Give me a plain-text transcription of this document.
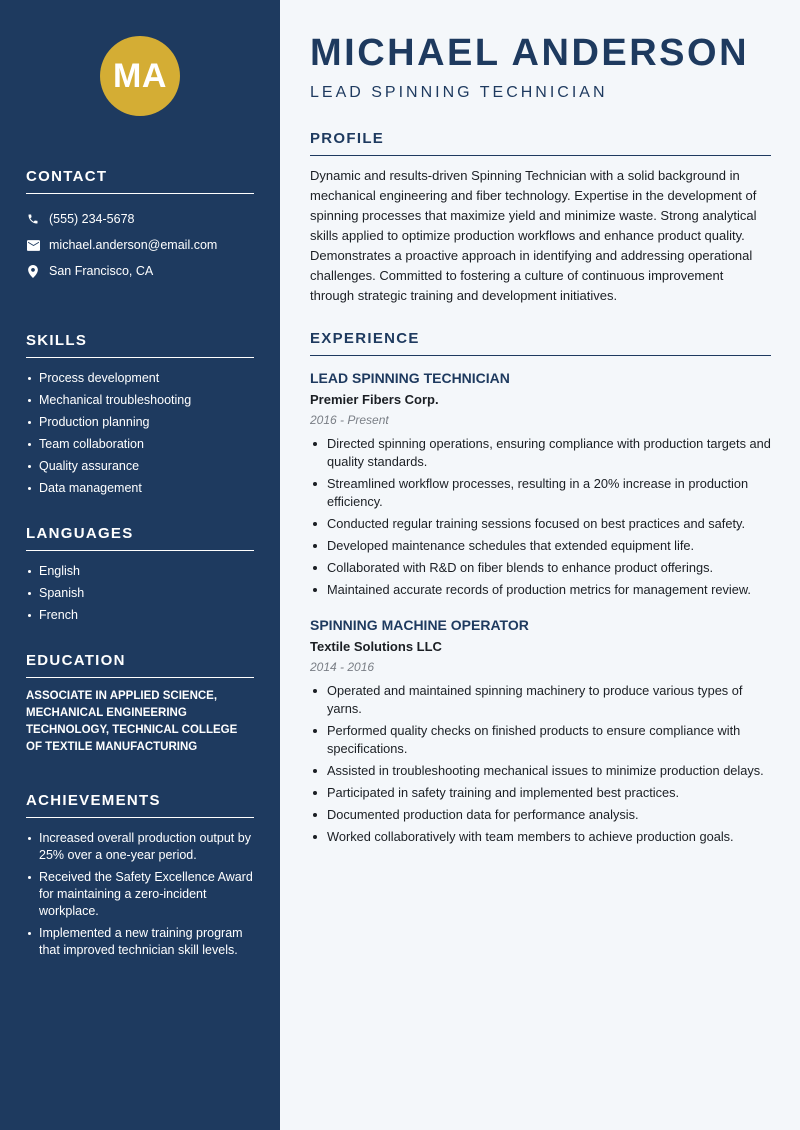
MA
CONTACT
(555) 234-5678
michael.anderson@email.com
San Francisco, CA
SKILLS
Process development
Mechanical troubleshooting
Production planning
Team collaboration
Quality assurance
Data management
LANGUAGES
English
Spanish
French
EDUCATION

ASSOCIATE IN APPLIED SCIENCE, MECHANICAL ENGINEERING TECHNOLOGY, TECHNICAL COLLEGE OF TEXTILE MANUFACTURING

ACHIEVEMENTS
Increased overall production output by 25% over a one-year period.
Received the Safety Excellence Award for maintaining a zero-incident workplace.
Implemented a new training program that improved technician skill levels.
MICHAEL ANDERSON
LEAD SPINNING TECHNICIAN
PROFILE

Dynamic and results-driven Spinning Technician with a solid background in mechanical engineering and fiber technology. Expertise in the development of spinning processes that maximize yield and minimize waste. Strong analytical skills applied to optimize production workflows and enhance product quality. Demonstrates a proactive approach in identifying and addressing operational challenges. Committed to fostering a culture of continuous improvement through strategic training and development initiatives.

EXPERIENCE
LEAD SPINNING TECHNICIAN
Premier Fibers Corp.
2016 - Present
Directed spinning operations, ensuring compliance with production targets and quality standards.
Streamlined workflow processes, resulting in a 20% increase in production efficiency.
Conducted regular training sessions focused on best practices and safety.
Developed maintenance schedules that extended equipment life.
Collaborated with R&D on fiber blends to enhance product offerings.
Maintained accurate records of production metrics for management review.
SPINNING MACHINE OPERATOR
Textile Solutions LLC
2014 - 2016
Operated and maintained spinning machinery to produce various types of yarns.
Performed quality checks on finished products to ensure compliance with specifications.
Assisted in troubleshooting mechanical issues to minimize production delays.
Participated in safety training and implemented best practices.
Documented production data for performance analysis.
Worked collaboratively with team members to achieve production goals.
